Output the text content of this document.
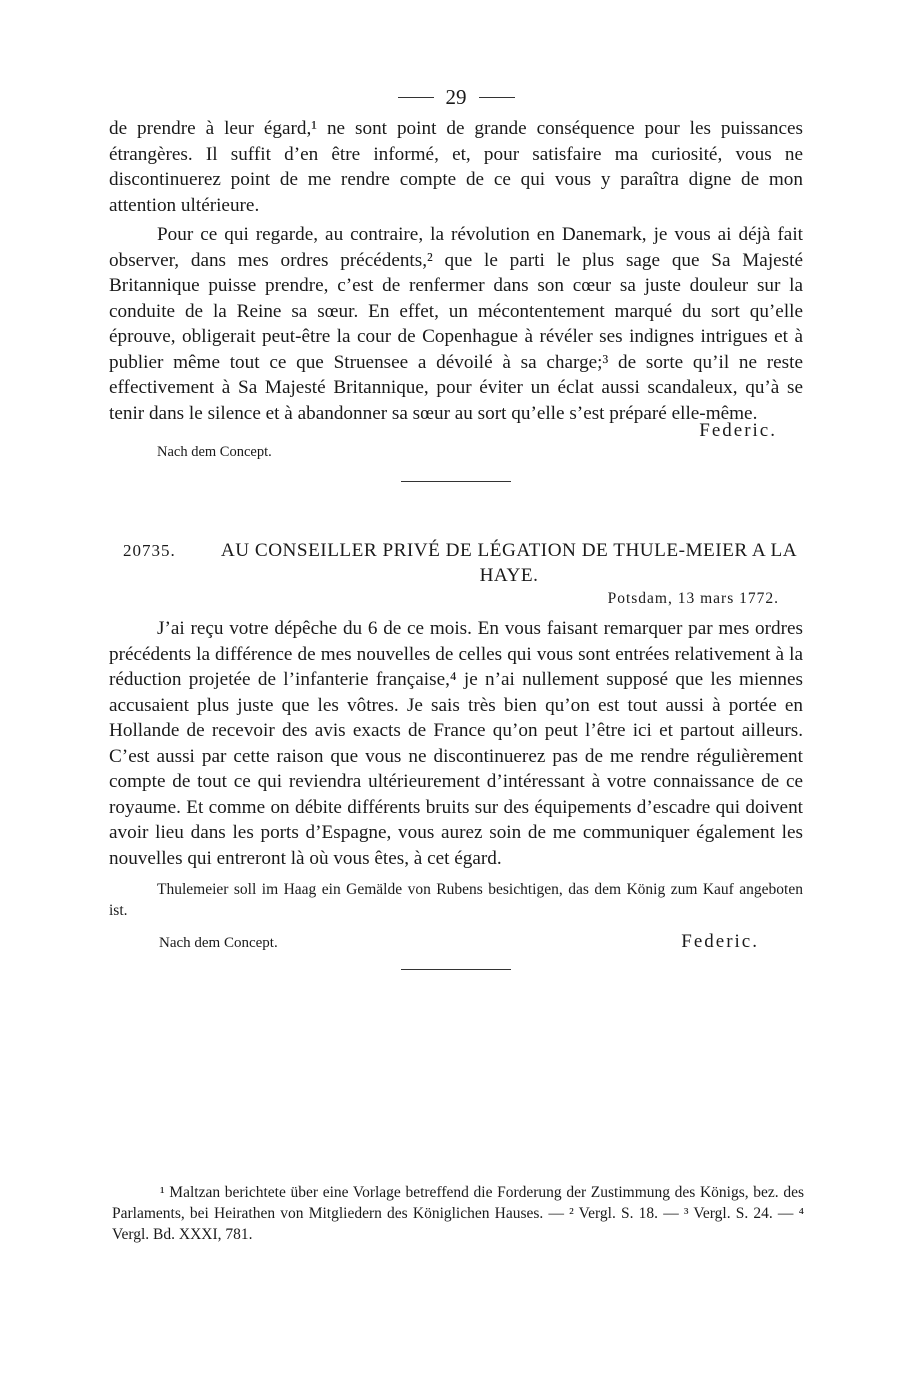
29

de prendre à leur égard,¹ ne sont point de grande conséquence pour les puissances étrangères. Il suffit d’en être informé, et, pour satisfaire ma curiosité, vous ne discontinuerez point de me rendre compte de ce qui vous y paraîtra digne de mon attention ultérieure.

Pour ce qui regarde, au contraire, la révolution en Danemark, je vous ai déjà fait observer, dans mes ordres précédents,² que le parti le plus sage que Sa Majesté Britannique puisse prendre, c’est de renfermer dans son cœur sa juste douleur sur la conduite de la Reine sa sœur. En effet, un mécontentement marqué du sort qu’elle éprouve, obligerait peut-être la cour de Copenhague à révéler ses indignes intrigues et à publier même tout ce que Struensee a dévoilé à sa charge;³ de sorte qu’il ne reste effectivement à Sa Majesté Britannique, pour éviter un éclat aussi scandaleux, qu’à se tenir dans le silence et à abandonner sa sœur au sort qu’elle s’est préparé elle-même.

Federic.
Nach dem Concept.
20735.	AU CONSEILLER PRIVÉ DE LÉGATION DE THULE-MEIER A LA HAYE.
Potsdam, 13 mars 1772.

J’ai reçu votre dépêche du 6 de ce mois. En vous faisant remarquer par mes ordres précédents la différence de mes nouvelles de celles qui vous sont entrées relativement à la réduction projetée de l’infanterie française,⁴ je n’ai nullement supposé que les miennes accusaient plus juste que les vôtres. Je sais très bien qu’on est tout aussi à portée en Hollande de recevoir des avis exacts de France qu’on peut l’être ici et partout ailleurs. C’est aussi par cette raison que vous ne discontinuerez pas de me rendre régulièrement compte de tout ce qui reviendra ultérieurement d’intéressant à votre connaissance de ce royaume. Et comme on débite différents bruits sur des équipements d’escadre qui doivent avoir lieu dans les ports d’Espagne, vous aurez soin de me communiquer également les nouvelles qui entreront là où vous êtes, à cet égard.

Thulemeier soll im Haag ein Gemälde von Rubens besichtigen, das dem König zum Kauf angeboten ist.
Nach dem Concept.	Federic.

¹ Maltzan berichtete über eine Vorlage betreffend die Forderung der Zustimmung des Königs, bez. des Parlaments, bei Heirathen von Mitgliedern des Königlichen Hauses. — ² Vergl. S. 18. — ³ Vergl. S. 24. — ⁴ Vergl. Bd. XXXI, 781.
